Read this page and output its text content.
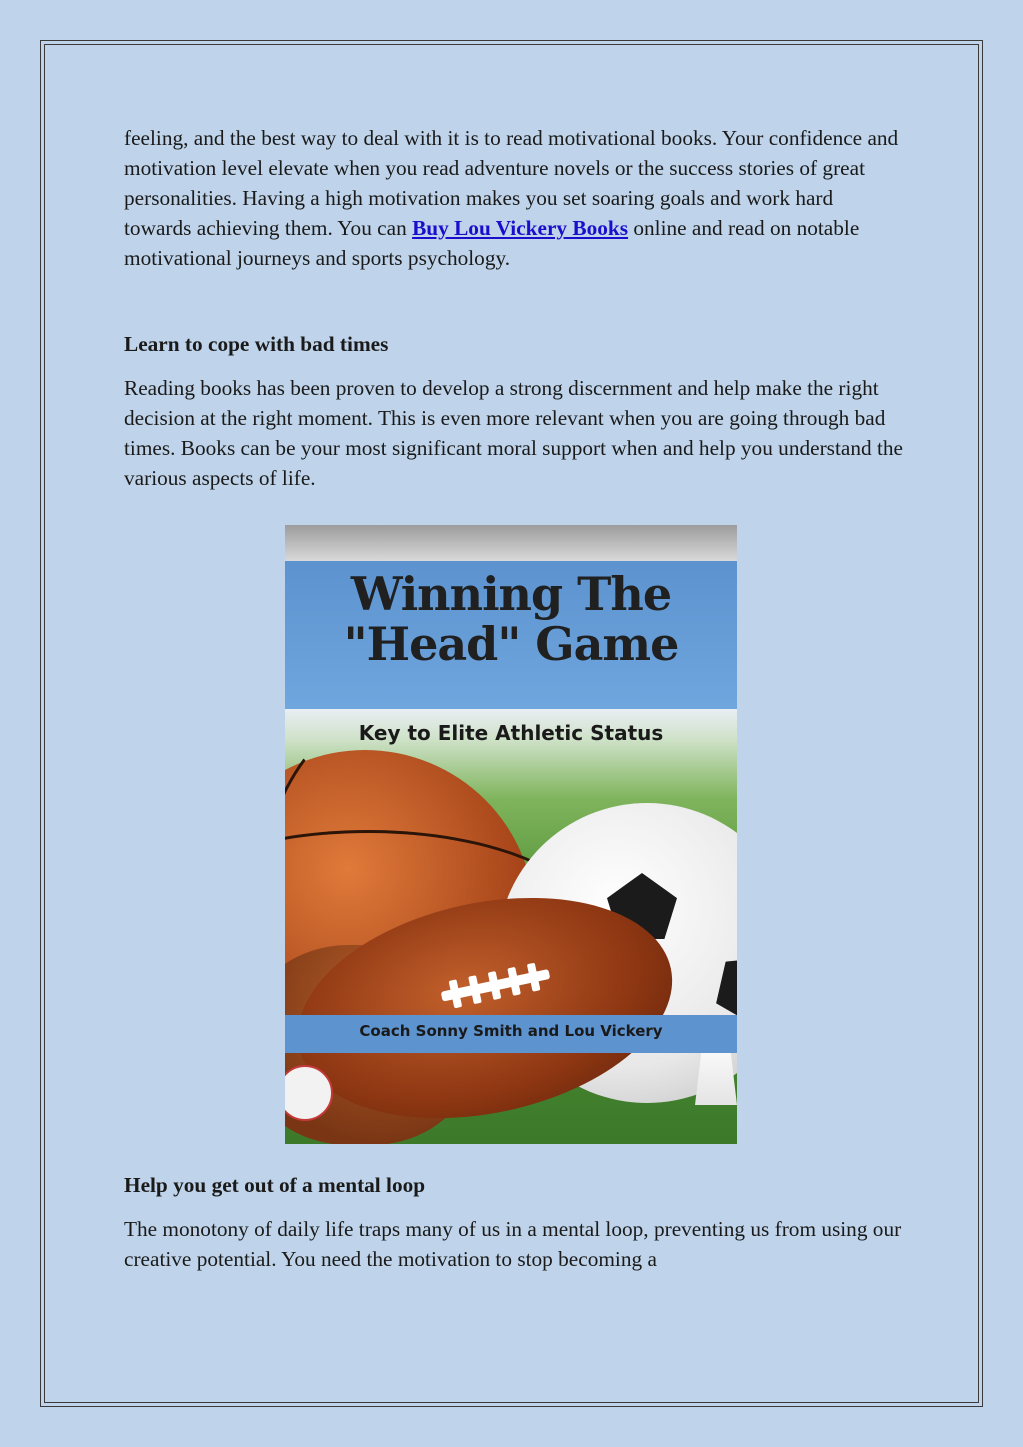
feeling, and the best way to deal with it is to read motivational books. Your confidence and motivation level elevate when you read adventure novels or the success stories of great personalities. Having a high motivation makes you set soaring goals and work hard towards achieving them. You can Buy Lou Vickery Books online and read on notable motivational journeys and sports psychology.

Learn to cope with bad times

Reading books has been proven to develop a strong discernment and help make the right decision at the right moment. This is even more relevant when you are going through bad times. Books can be your most significant moral support when and help you understand the various aspects of life.

Winning The
"Head" Game
Key to Elite Athletic Status
Coach Sonny Smith and Lou Vickery
Help you get out of a mental loop

The monotony of daily life traps many of us in a mental loop, preventing us from using our creative potential. You need the motivation to stop becoming a
